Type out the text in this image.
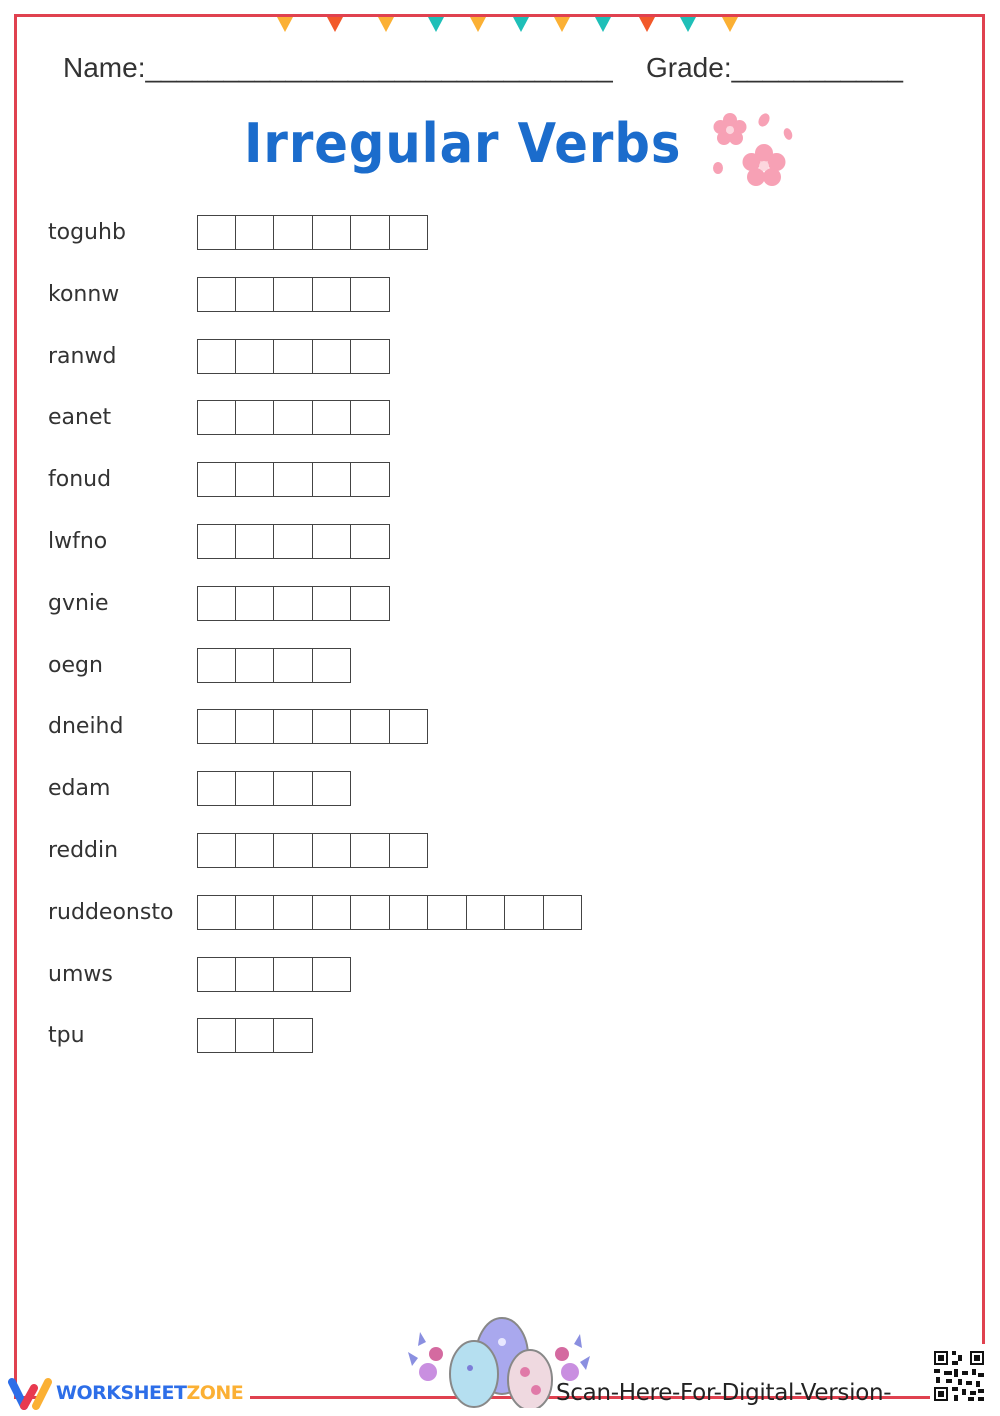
Name:______________________________ Grade:___________
Irregular Verbs
toguhb
konnw
ranwd
eanet
fonud
lwfno
gvnie
oegn
dneihd
edam
reddin
ruddeonsto
umws
tpu
WORKSHEET ZONE	Scan-Here-For-Digital-Version-
